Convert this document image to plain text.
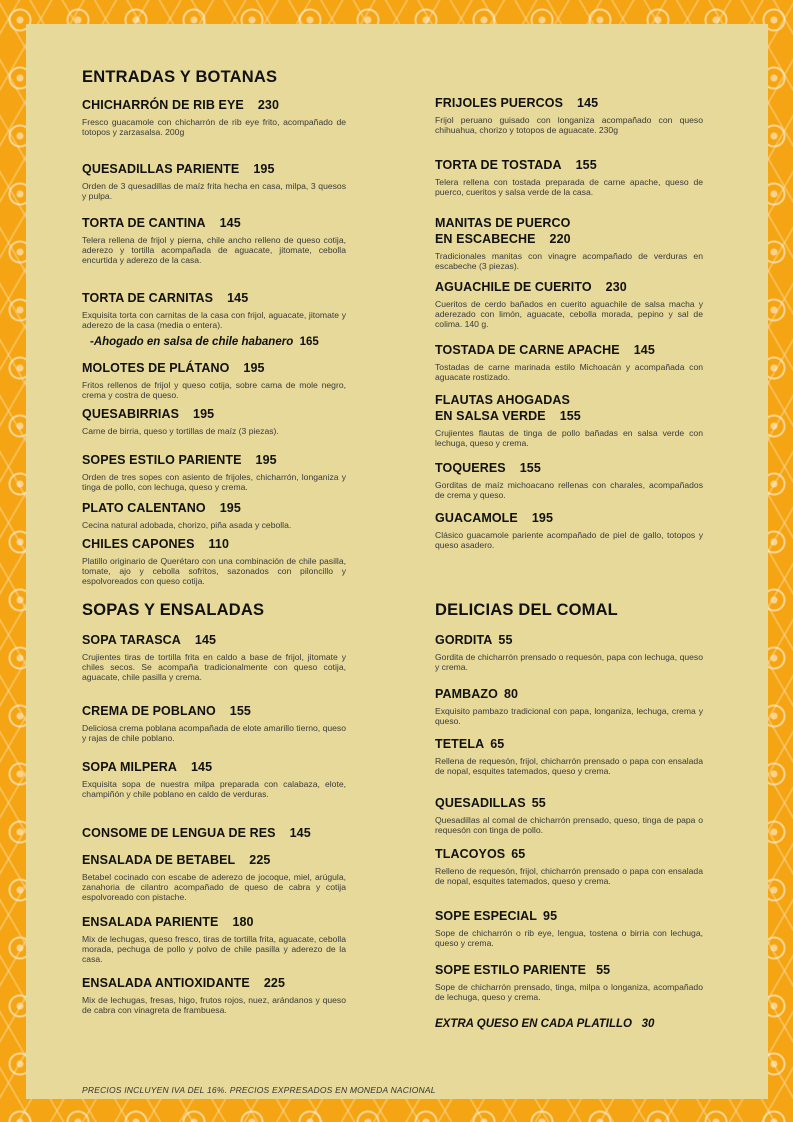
ENTRADAS Y BOTANAS
SOPAS Y ENSALADAS	DELICIAS DEL COMAL
CHICHARRÓN DE RIB EYE 230
Fresco guacamole con chicharrón de rib eye frito, acompañado de totopos y zarzasalsa. 200g
QUESADILLAS PARIENTE 195
Orden de 3 quesadillas de maíz frita hecha en casa, milpa, 3 quesos y pulpa.
TORTA DE CANTINA 145
Telera rellena de frijol y pierna, chile ancho relleno de queso cotija, aderezo y tortilla acompañada de aguacate, jitomate, cebolla encurtida y aderezo de la casa.
TORTA DE CARNITAS 145
Exquisita torta con carnitas de la casa con frijol, aguacate, jitomate y aderezo de la casa (media o entera).
-Ahogado en salsa de chile habanero 165
MOLOTES DE PLÁTANO 195
Fritos rellenos de frijol y queso cotija, sobre cama de mole negro, crema y costra de queso.
QUESABIRRIAS 195
Carne de birria, queso y tortillas de maíz (3 piezas).
SOPES ESTILO PARIENTE 195
Orden de tres sopes con asiento de frijoles, chicharrón, longaniza y tinga de pollo, con lechuga, queso y crema.
PLATO CALENTANO 195
Cecina natural adobada, chorizo, piña asada y cebolla.
CHILES CAPONES 110
Platillo originario de Querétaro con una combinación de chile pasilla, tomate, ajo y cebolla sofritos, sazonados con piloncillo y espolvoreados con queso cotija.
FRIJOLES PUERCOS 145
Frijol peruano guisado con longaniza acompañado con queso chihuahua, chorizo y totopos de aguacate. 230g
TORTA DE TOSTADA 155
Telera rellena con tostada preparada de carne apache, queso de puerco, cueritos y salsa verde de la casa.
MANITAS DE PUERCO
EN ESCABECHE 220
Tradicionales manitas con vinagre acompañado de verduras en escabeche (3 piezas).
AGUACHILE DE CUERITO 230
Cueritos de cerdo bañados en cuerito aguachile de salsa macha y aderezado con limón, aguacate, cebolla morada, pepino y sal de colima. 140 g.
TOSTADA DE CARNE APACHE 145
Tostadas de carne marinada estilo Michoacán y acompañada con aguacate rostizado.
FLAUTAS AHOGADAS
EN SALSA VERDE 155
Crujientes flautas de tinga de pollo bañadas en salsa verde con lechuga, queso y crema.
TOQUERES 155
Gorditas de maíz michoacano rellenas con charales, acompañados de crema y queso.
GUACAMOLE 195
Clásico guacamole pariente acompañado de piel de gallo, totopos y queso asadero.
SOPA TARASCA 145
Crujientes tiras de tortilla frita en caldo a base de frijol, jitomate y chiles secos. Se acompaña tradicionalmente con queso cotija, aguacate, chile pasilla y crema.
CREMA DE POBLANO 155
Deliciosa crema poblana acompañada de elote amarillo tierno, queso y rajas de chile poblano.
SOPA MILPERA 145
Exquisita sopa de nuestra milpa preparada con calabaza, elote, champiñón y chile poblano en caldo de verduras.
CONSOME DE LENGUA DE RES 145
ENSALADA DE BETABEL 225
Betabel cocinado con escabe de aderezo de jocoque, miel, arúgula, zanahoria de cilantro acompañado de queso de cabra y cotija espolvoreado con pistache.
ENSALADA PARIENTE 180
Mix de lechugas, queso fresco, tiras de tortilla frita, aguacate, cebolla morada, pechuga de pollo y polvo de chile pasilla y aderezo de la casa.
ENSALADA ANTIOXIDANTE 225
Mix de lechugas, fresas, higo, frutos rojos, nuez, arándanos y queso de cabra con vinagreta de frambuesa.
GORDITA 55
Gordita de chicharrón prensado o requesón, papa con lechuga, queso y crema.
PAMBAZO 80
Exquisito pambazo tradicional con papa, longaniza, lechuga, crema y queso.
TETELA 65
Rellena de requesón, frijol, chicharrón prensado o papa con ensalada de nopal, esquites tatemados, queso y crema.
QUESADILLAS 55
Quesadillas al comal de chicharrón prensado, queso, tinga de papa o requesón con tinga de pollo.
TLACOYOS 65
Relleno de requesón, frijol, chicharrón prensado o papa con ensalada de nopal, esquites tatemados, queso y crema.
SOPE ESPECIAL 95
Sope de chicharrón o rib eye, lengua, tostena o birria con lechuga, queso y crema.
SOPE ESTILO PARIENTE 55
Sope de chicharrón prensado, tinga, milpa o longaniza, acompañado de lechuga, queso y crema.
EXTRA QUESO EN CADA PLATILLO 30
PRECIOS INCLUYEN IVA DEL 16%. PRECIOS EXPRESADOS EN MONEDA NACIONAL
